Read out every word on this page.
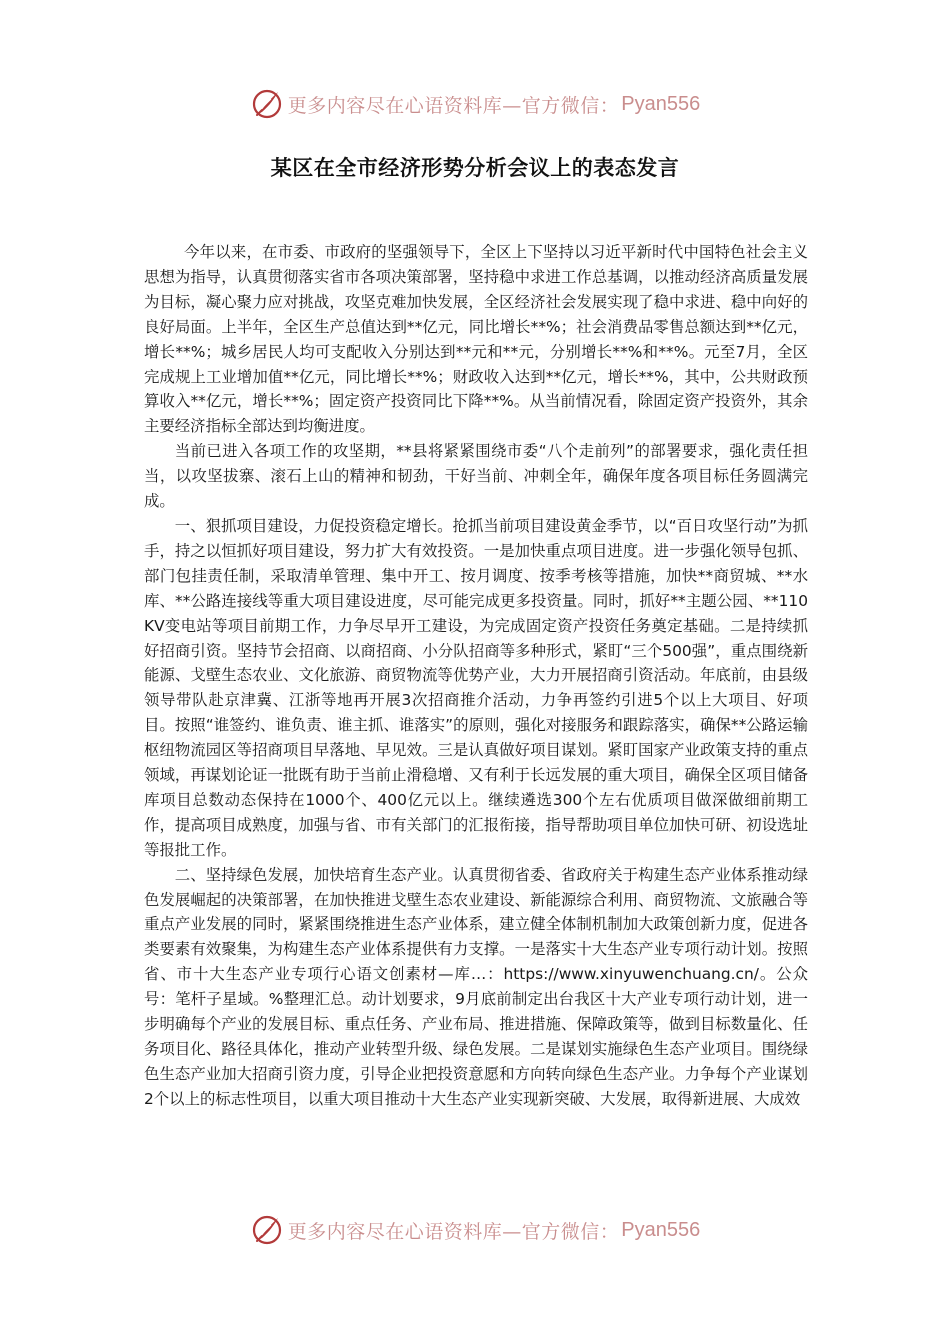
更多内容尽在心语资料库—官方微信： Pyan556
某区在全市经济形势分析会议上的表态发言

今年以来，在市委、市政府的坚强领导下，全区上下坚持以习近平新时代中国特色社会主义思想为指导，认真贯彻落实省市各项决策部署，坚持稳中求进工作总基调，以推动经济高质量发展为目标，凝心聚力应对挑战，攻坚克难加快发展，全区经济社会发展实现了稳中求进、稳中向好的良好局面。上半年，全区生产总值达到**亿元，同比增长**%；社会消费品零售总额达到**亿元，增长**%；城乡居民人均可支配收入分别达到**元和**元，分别增长**%和**%。元至7月，全区完成规上工业增加值**亿元，同比增长**%；财政收入达到**亿元，增长**%，其中，公共财政预算收入**亿元，增长**%；固定资产投资同比下降**%。从当前情况看，除固定资产投资外，其余主要经济指标全部达到均衡进度。

当前已进入各项工作的攻坚期，**县将紧紧围绕市委“八个走前列”的部署要求，强化责任担当，以攻坚拔寨、滚石上山的精神和韧劲，干好当前、冲刺全年，确保年度各项目标任务圆满完成。

一、狠抓项目建设，力促投资稳定增长。抢抓当前项目建设黄金季节，以“百日攻坚行动”为抓手，持之以恒抓好项目建设，努力扩大有效投资。一是加快重点项目进度。进一步强化领导包抓、部门包挂责任制，采取清单管理、集中开工、按月调度、按季考核等措施，加快**商贸城、**水库、**公路连接线等重大项目建设进度，尽可能完成更多投资量。同时，抓好**主题公园、**110KV变电站等项目前期工作，力争尽早开工建设，为完成固定资产投资任务奠定基础。二是持续抓好招商引资。坚持节会招商、以商招商、小分队招商等多种形式，紧盯“三个500强”，重点围绕新能源、戈壁生态农业、文化旅游、商贸物流等优势产业，大力开展招商引资活动。年底前，由县级领导带队赴京津冀、江浙等地再开展3次招商推介活动，力争再签约引进5个以上大项目、好项目。按照“谁签约、谁负责、谁主抓、谁落实”的原则，强化对接服务和跟踪落实，确保**公路运输枢纽物流园区等招商项目早落地、早见效。三是认真做好项目谋划。紧盯国家产业政策支持的重点领域，再谋划论证一批既有助于当前止滑稳增、又有利于长远发展的重大项目，确保全区项目储备库项目总数动态保持在1000个、400亿元以上。继续遴选300个左右优质项目做深做细前期工作，提高项目成熟度，加强与省、市有关部门的汇报衔接，指导帮助项目单位加快可研、初设选址等报批工作。

二、坚持绿色发展，加快培育生态产业。认真贯彻省委、省政府关于构建生态产业体系推动绿色发展崛起的决策部署，在加快推进戈壁生态农业建设、新能源综合利用、商贸物流、文旅融合等重点产业发展的同时，紧紧围绕推进生态产业体系，建立健全体制机制加大政策创新力度，促进各类要素有效聚集，为构建生态产业体系提供有力支撑。一是落实十大生态产业专项行动计划。按照省、市十大生态产业专项行心语文创素材—库…：https://www.xinyuwenchuang.cn/。公众号：笔杆子星域。%整理汇总。动计划要求，9月底前制定出台我区十大产业专项行动计划，进一步明确每个产业的发展目标、重点任务、产业布局、推进措施、保障政策等，做到目标数量化、任务项目化、路径具体化，推动产业转型升级、绿色发展。二是谋划实施绿色生态产业项目。围绕绿色生态产业加大招商引资力度，引导企业把投资意愿和方向转向绿色生态产业。力争每个产业谋划2个以上的标志性项目，以重大项目推动十大生态产业实现新突破、大发展，取得新进展、大成效

更多内容尽在心语资料库—官方微信： Pyan556
